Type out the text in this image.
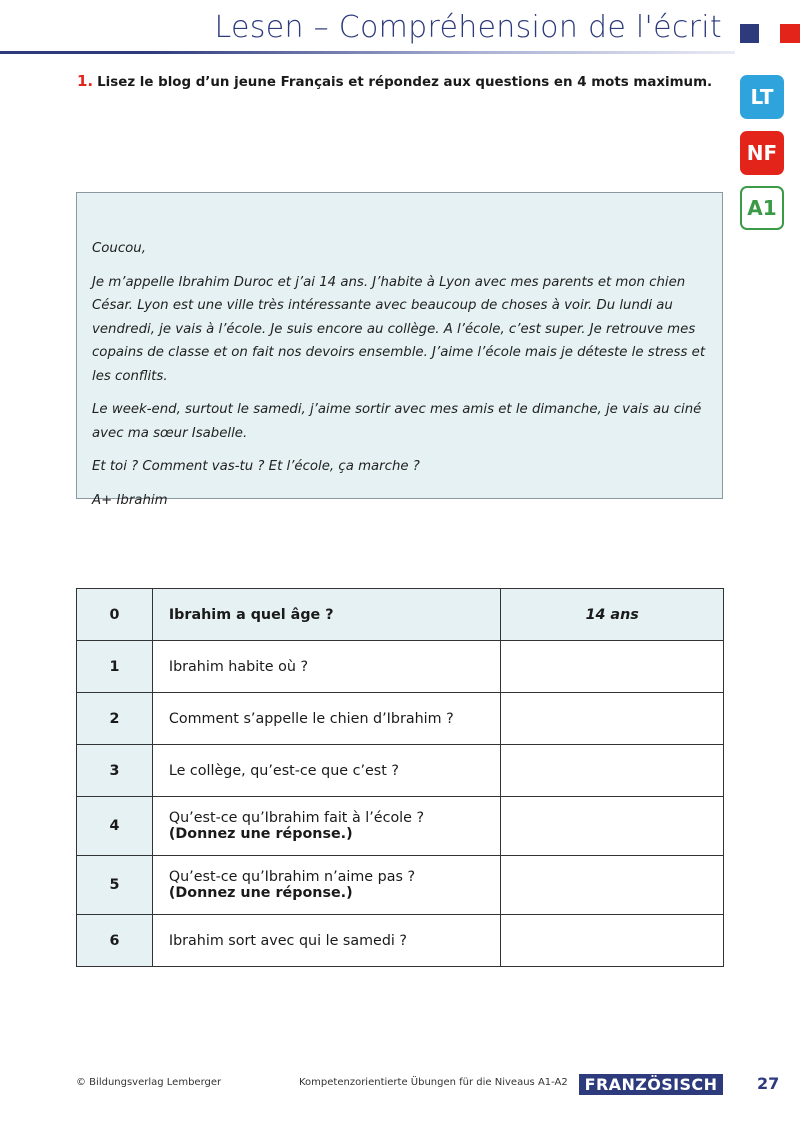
Lesen – Compréhension de l'écrit
1. Lisez le blog d’un jeune Français et répondez aux questions en 4 mots maximum.
LT
NF
A1

Coucou,

Je m’appelle Ibrahim Duroc et j’ai 14 ans. J’habite à Lyon avec mes parents et mon chien César. Lyon est une ville très intéressante avec beaucoup de choses à voir. Du lundi au vendredi, je vais à l’école. Je suis encore au collège. A l’école, c’est super. Je retrouve mes copains de classe et on fait nos devoirs ensemble. J’aime l’école mais je déteste le stress et les conflits.

Le week-end, surtout le samedi, j’aime sortir avec mes amis et le dimanche, je vais au ciné avec ma sœur Isabelle.

Et toi ? Comment vas-tu ? Et l’école, ça marche ?

A+ Ibrahim

0	Ibrahim a quel âge ?	14 ans
1	Ibrahim habite où ?	
2	Comment s’appelle le chien d’Ibrahim ?	
3	Le collège, qu’est-ce que c’est ?	
4	Qu’est-ce qu’Ibrahim fait à l’école ?
(Donnez une réponse.)	

5	Qu’est-ce qu’Ibrahim n’aime pas ?
(Donnez une réponse.)	

6	Ibrahim sort avec qui le samedi ?	
© Bildungsverlag Lemberger	Kompetenzorientierte Übungen für die Niveaus A1-A2	FRANZÖSISCH	27
